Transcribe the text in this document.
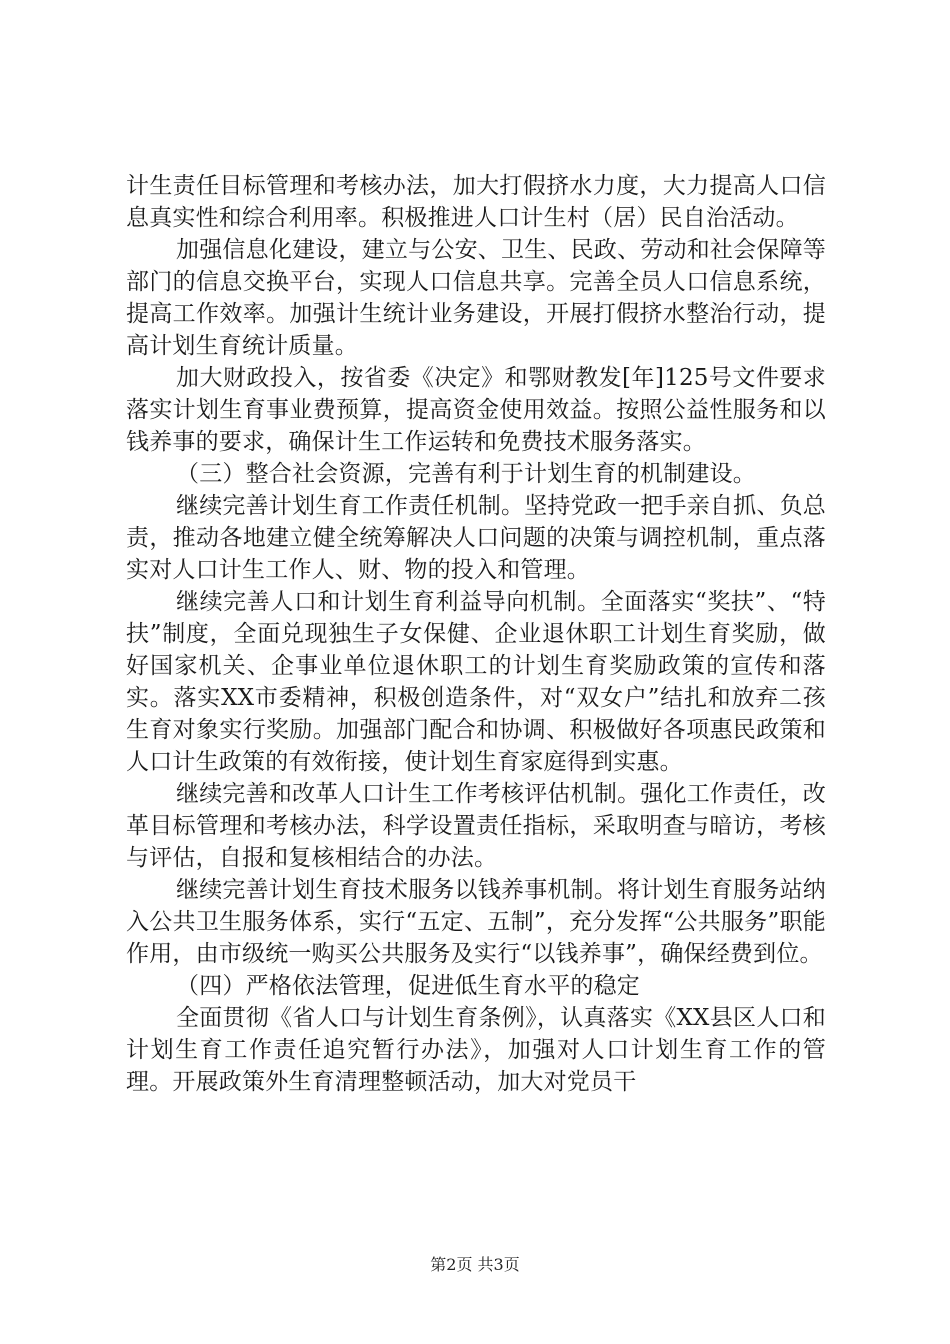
计生责任目标管理和考核办法，加大打假挤水力度，大力提高人口信息真实性和综合利用率。积极推进人口计生村（居）民自治活动。

加强信息化建设，建立与公安、卫生、民政、劳动和社会保障等部门的信息交换平台，实现人口信息共享。完善全员人口信息系统，提高工作效率。加强计生统计业务建设，开展打假挤水整治行动，提高计划生育统计质量。

加大财政投入，按省委《决定》和鄂财教发[年]125号文件要求落实计划生育事业费预算，提高资金使用效益。按照公益性服务和以钱养事的要求，确保计生工作运转和免费技术服务落实。

（三）整合社会资源，完善有利于计划生育的机制建设。

继续完善计划生育工作责任机制。坚持党政一把手亲自抓、负总责，推动各地建立健全统筹解决人口问题的决策与调控机制，重点落实对人口计生工作人、财、物的投入和管理。

继续完善人口和计划生育利益导向机制。全面落实“奖扶”、“特扶”制度，全面兑现独生子女保健、企业退休职工计划生育奖励，做好国家机关、企事业单位退休职工的计划生育奖励政策的宣传和落实。落实XX市委精神，积极创造条件，对“双女户”结扎和放弃二孩生育对象实行奖励。加强部门配合和协调、积极做好各项惠民政策和人口计生政策的有效衔接，使计划生育家庭得到实惠。

继续完善和改革人口计生工作考核评估机制。强化工作责任，改革目标管理和考核办法，科学设置责任指标，采取明查与暗访，考核与评估，自报和复核相结合的办法。

继续完善计划生育技术服务以钱养事机制。将计划生育服务站纳入公共卫生服务体系，实行“五定、五制”，充分发挥“公共服务”职能作用，由市级统一购买公共服务及实行“以钱养事”，确保经费到位。

（四）严格依法管理，促进低生育水平的稳定

全面贯彻《省人口与计划生育条例》，认真落实《XX县区人口和计划生育工作责任追究暂行办法》，加强对人口计划生育工作的管理。开展政策外生育清理整顿活动，加大对党员干

第2页 共3页
